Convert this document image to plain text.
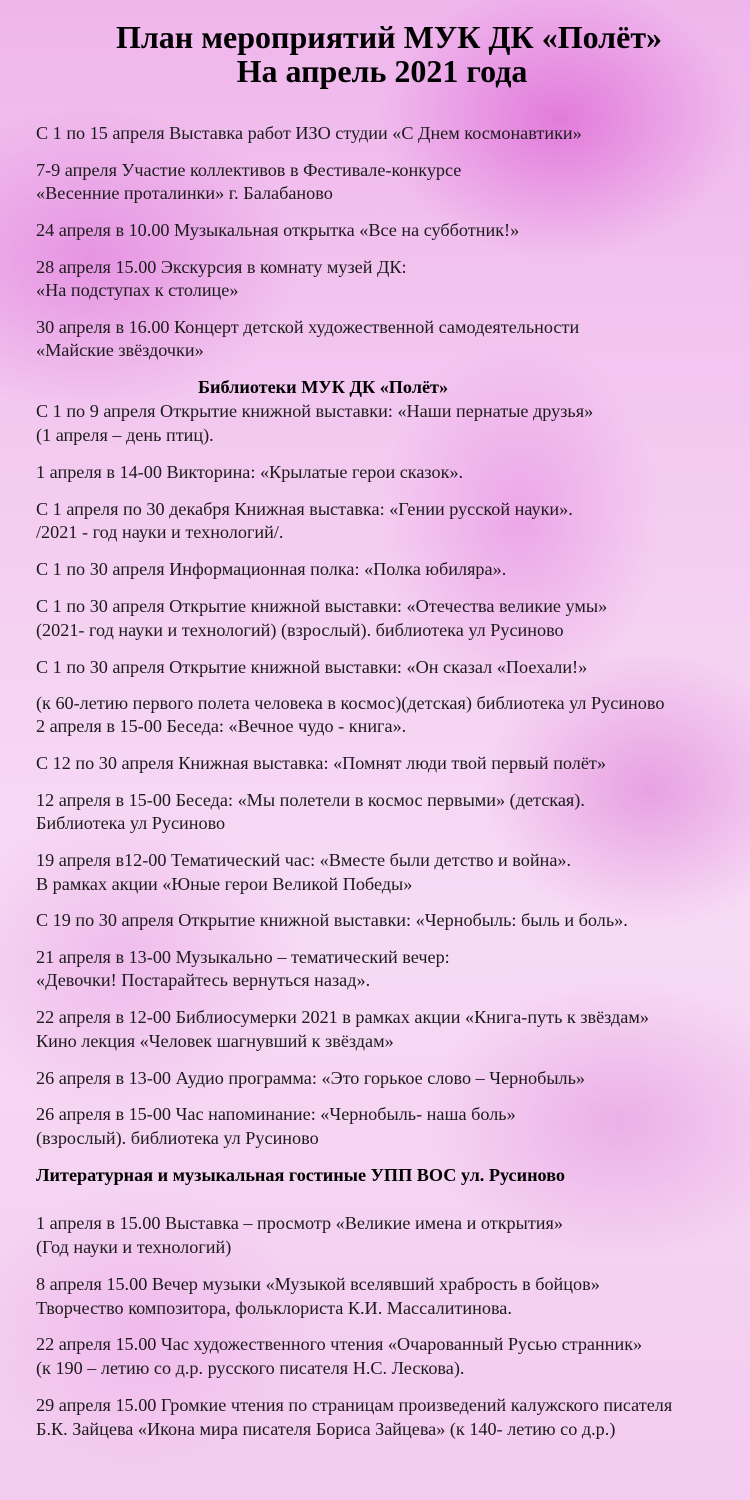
План мероприятий МУК ДК «Полёт»
На апрель 2021 года
С 1 по 15 апреля Выставка работ ИЗО студии «С Днем космонавтики»
7-9 апреля Участие коллективов в Фестивале-конкурсе
«Весенние проталинки» г. Балабаново
24 апреля в 10.00 Музыкальная открытка «Все на субботник!»
28 апреля 15.00 Экскурсия в комнату музей ДК:
«На подступах к столице»
30 апреля в 16.00 Концерт детской художественной самодеятельности
«Майские звёздочки»
Библиотеки МУК ДК «Полёт»
С 1 по 9 апреля Открытие книжной выставки: «Наши пернатые друзья»
(1 апреля – день птиц).
1 апреля в 14-00 Викторина: «Крылатые герои сказок».
С 1 апреля по 30 декабря Книжная выставка: «Гении русской науки».
/2021 - год науки и технологий/.
С 1 по 30 апреля Информационная полка: «Полка юбиляра».
С 1 по 30 апреля Открытие книжной выставки: «Отечества великие умы»
(2021- год науки и технологий) (взрослый). библиотека ул Русиново
С 1 по 30 апреля Открытие книжной выставки: «Он сказал «Поехали!»
(к 60-летию первого полета человека в космос)(детская) библиотека ул Русиново
2 апреля в 15-00 Беседа: «Вечное чудо - книга».
С 12 по 30 апреля Книжная выставка: «Помнят люди твой первый полёт»
12 апреля в 15-00 Беседа: «Мы полетели в космос первыми» (детская).
Библиотека ул Русиново
19 апреля в12-00 Тематический час: «Вместе были детство и война».
В рамках акции «Юные герои Великой Победы»
С 19 по 30 апреля Открытие книжной выставки: «Чернобыль: быль и боль».
21 апреля в 13-00 Музыкально – тематический вечер:
«Девочки! Постарайтесь вернуться назад».
22 апреля в 12-00 Библиосумерки 2021 в рамках акции «Книга-путь к звёздам»
Кино лекция «Человек шагнувший к звёздам»
26 апреля в 13-00 Аудио программа: «Это горькое слово – Чернобыль»
26 апреля в 15-00 Час напоминание: «Чернобыль- наша боль»
(взрослый). библиотека ул Русиново
Литературная и музыкальная гостиные УПП ВОС ул. Русиново
1 апреля в 15.00 Выставка – просмотр «Великие имена и открытия»
(Год науки и технологий)
8 апреля 15.00 Вечер музыки «Музыкой вселявший храбрость в бойцов»
Творчество композитора, фольклориста К.И. Массалитинова.
22 апреля 15.00 Час художественного чтения «Очарованный Русью странник»
(к 190 – летию со д.р. русского писателя Н.С. Лескова).
29 апреля 15.00 Громкие чтения по страницам произведений калужского писателя
Б.К. Зайцева «Икона мира писателя Бориса Зайцева» (к 140- летию со д.р.)
